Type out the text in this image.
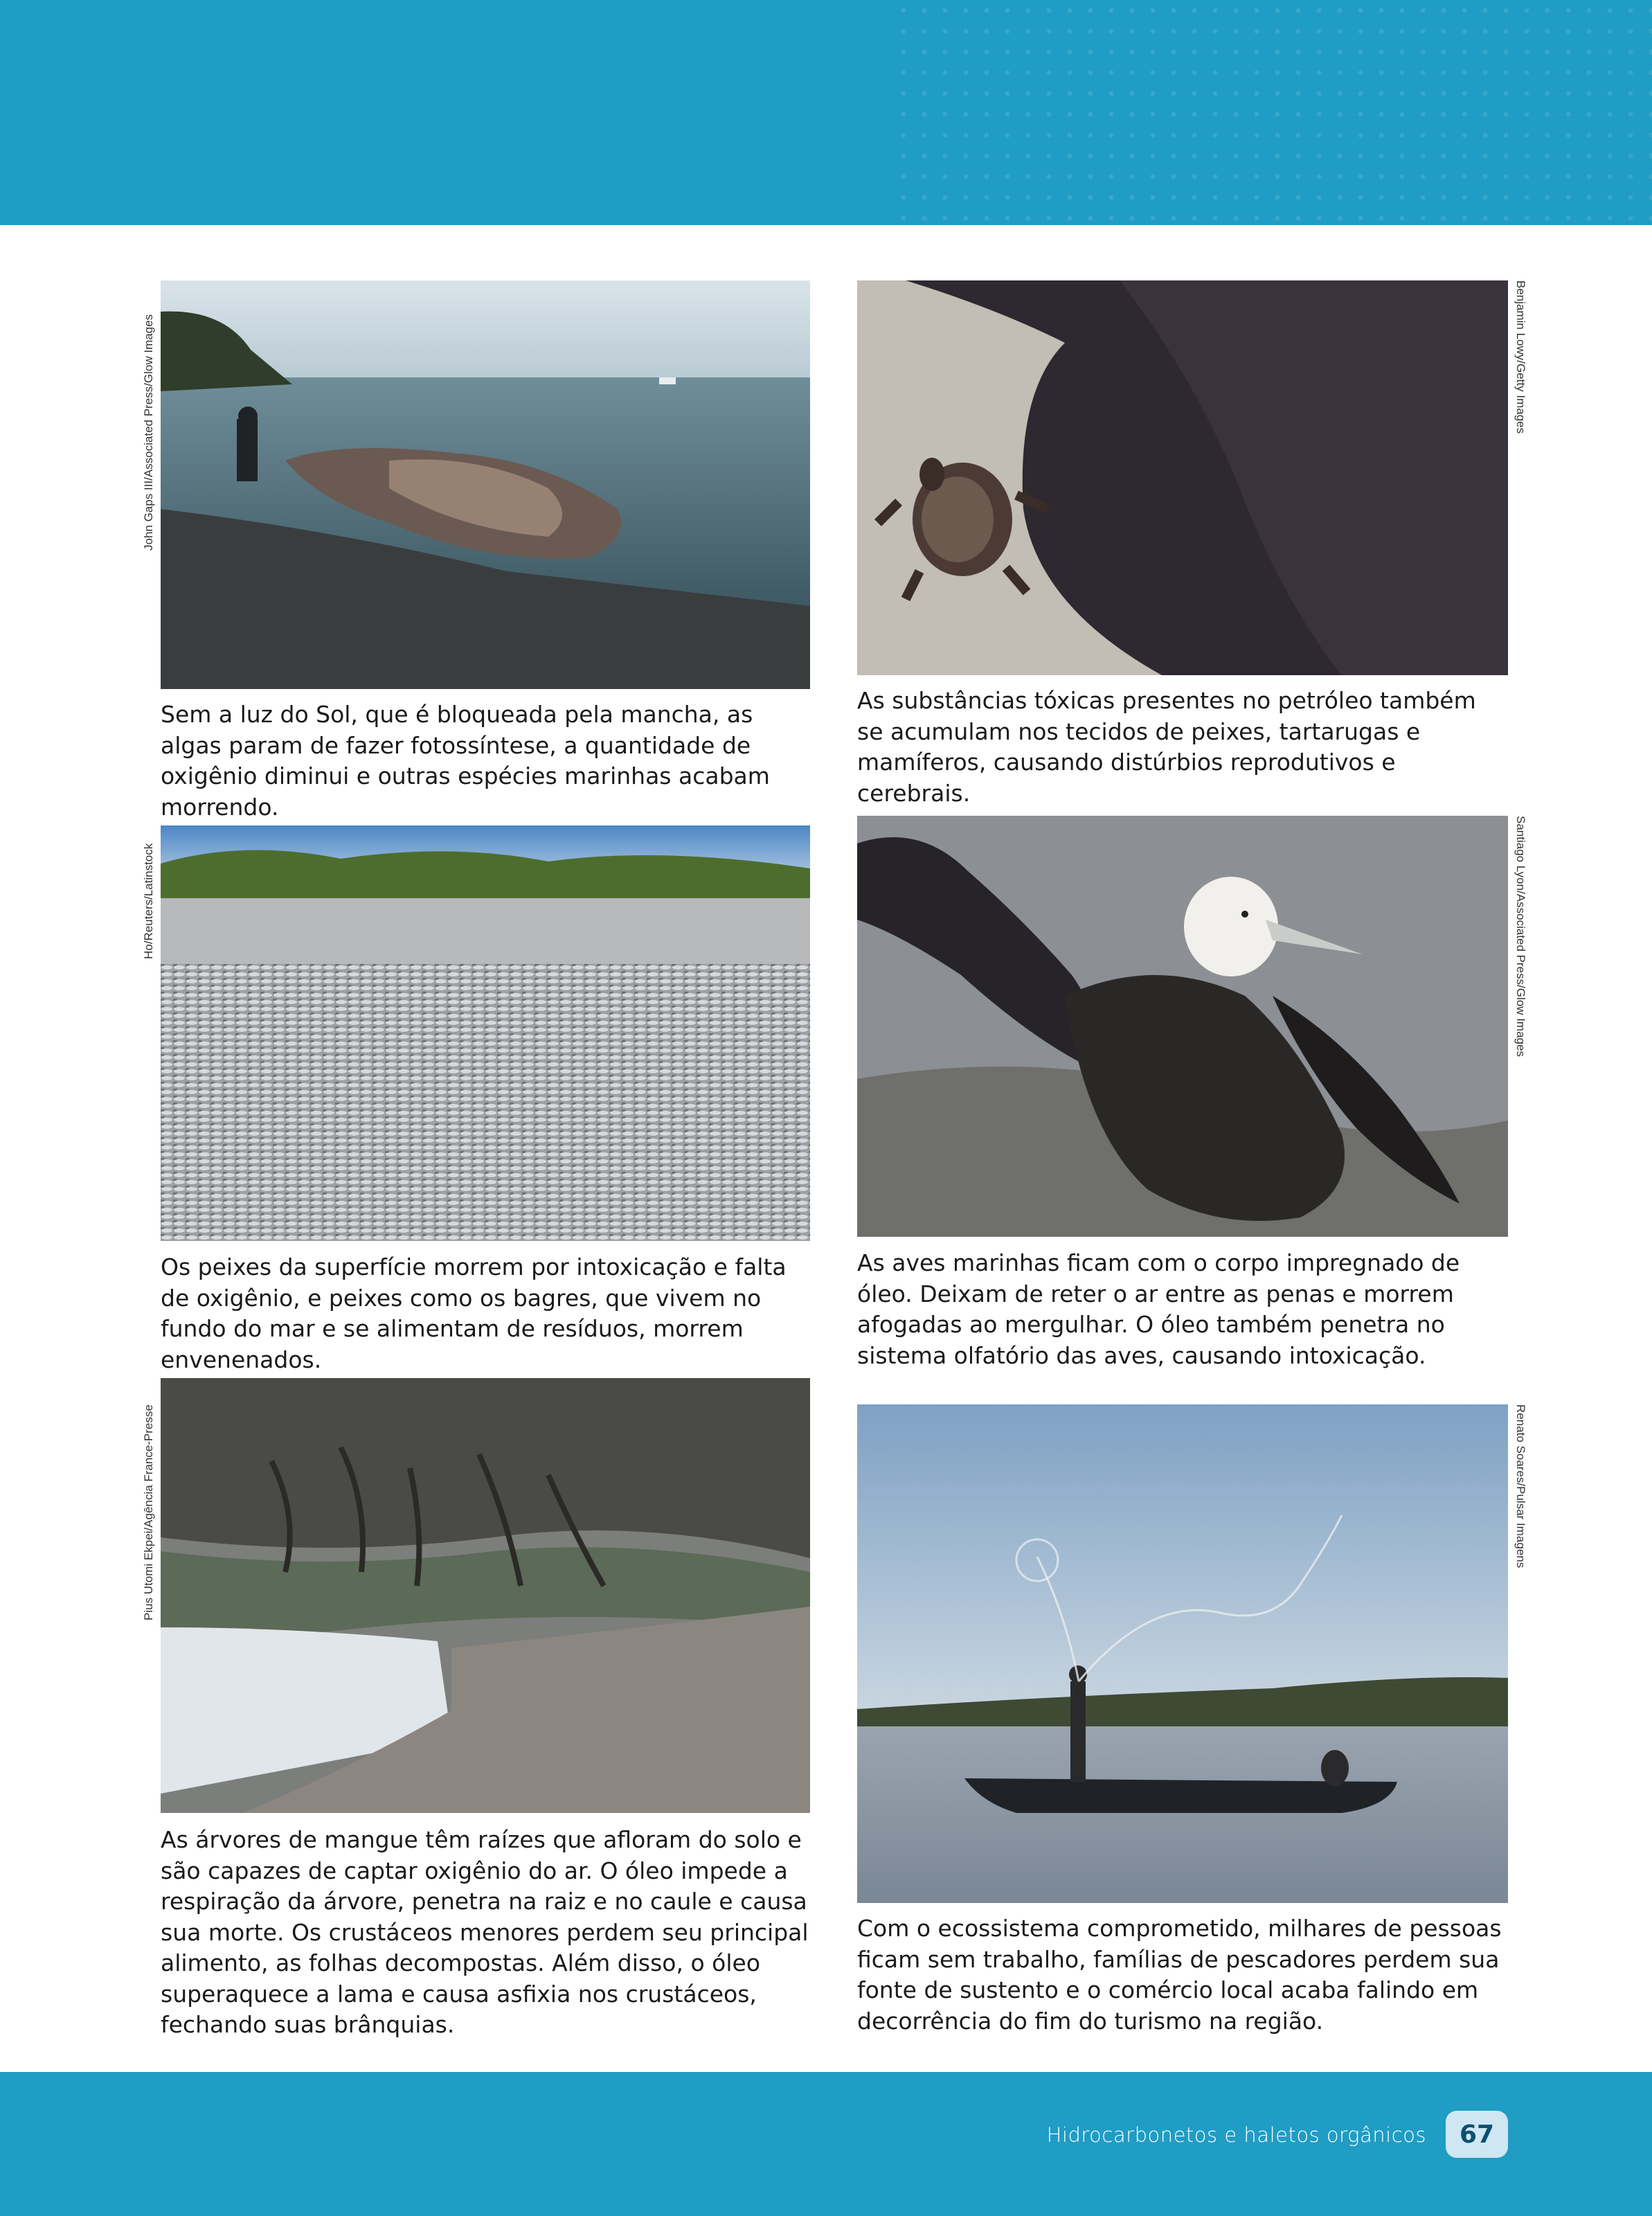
John Gaps III/Associated Press/Glow Images

Sem a luz do Sol, que é bloqueada pela mancha, as algas param de fazer fotossíntese, a quantidade de oxigênio diminui e outras espécies marinhas acabam morrendo.

Benjamin Lowy/Getty Images

As substâncias tóxicas presentes no petróleo também se acumulam nos tecidos de peixes, tartarugas e mamíferos, causando distúrbios reprodutivos e cerebrais.

Ho/Reuters/Latinstock

Os peixes da superfície morrem por intoxicação e falta de oxigênio, e peixes como os bagres, que vivem no fundo do mar e se alimentam de resíduos, morrem envenenados.

Santiago Lyon/Associated Press/Glow Images

As aves marinhas ficam com o corpo impregnado de óleo. Deixam de reter o ar entre as penas e morrem afogadas ao mergulhar. O óleo também penetra no sistema olfatório das aves, causando intoxicação.

Pius Utomi Ekpei/Agência France-Presse

As árvores de mangue têm raízes que afloram do solo e são capazes de captar oxigênio do ar. O óleo impede a respiração da árvore, penetra na raiz e no caule e causa sua morte. Os crustáceos menores perdem seu principal alimento, as folhas decompostas. Além disso, o óleo superaquece a lama e causa asfixia nos crustáceos, fechando suas brânquias.

Renato Soares/Pulsar Imagens

Com o ecossistema comprometido, milhares de pessoas ficam sem trabalho, famílias de pescadores perdem sua fonte de sustento e o comércio local acaba falindo em decorrência do fim do turismo na região.

Hidrocarbonetos e haletos orgânicos	67
